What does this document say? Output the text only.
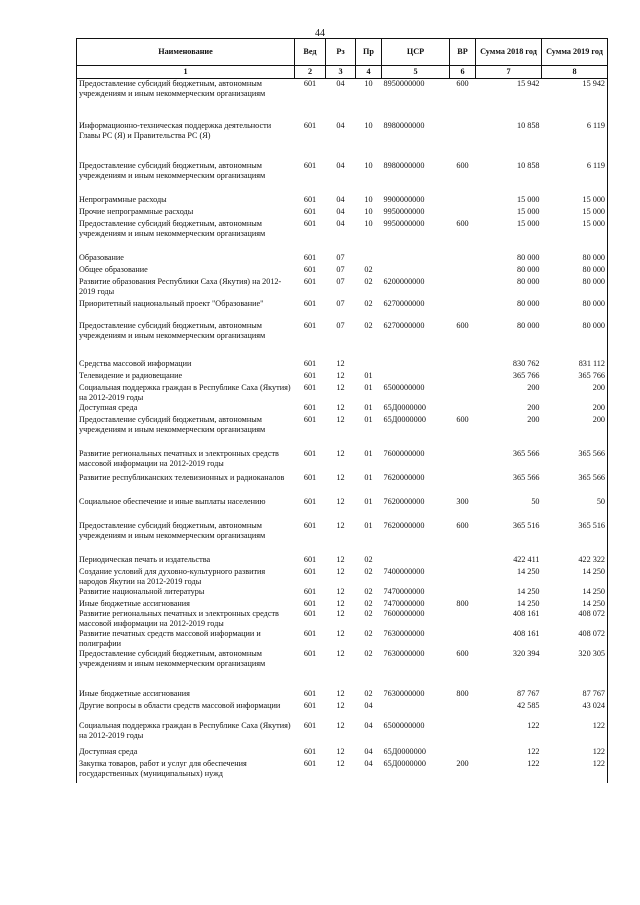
44
Наименование	Вед	Рз	Пр	ЦСР	ВР	Сумма 2018 год	Сумма 2019 год
1	2	3	4	5	6	7	8
Предоставление субсидий бюджетным, автономным учреждениям и иным некоммерческим организациям	601	04	10	8950000000	600	15 942	15 942
Информационно-техническая поддержка деятельности Главы РС (Я) и Правительства РС (Я)	601	04	10	8980000000		10 858	6 119
Предоставление субсидий бюджетным, автономным учреждениям и иным некоммерческим организациям	601	04	10	8980000000	600	10 858	6 119
Непрограммные расходы	601	04	10	9900000000		15 000	15 000
Прочие непрограммные расходы	601	04	10	9950000000		15 000	15 000
Предоставление субсидий бюджетным, автономным учреждениям и иным некоммерческим организациям	601	04	10	9950000000	600	15 000	15 000
Образование	601	07				80 000	80 000
Общее образование	601	07	02			80 000	80 000
Развитие образования Республики Саха (Якутия) на 2012-2019 годы	601	07	02	6200000000		80 000	80 000
Приоритетный национальный проект "Образование"	601	07	02	6270000000		80 000	80 000
Предоставление субсидий бюджетным, автономным учреждениям и иным некоммерческим организациям	601	07	02	6270000000	600	80 000	80 000
Средства массовой информации	601	12				830 762	831 112
Телевидение и радиовещание	601	12	01			365 766	365 766
Социальная поддержка граждан в Республике Саха (Якутия) на 2012-2019 годы	601	12	01	6500000000		200	200
Доступная среда	601	12	01	65Д0000000		200	200
Предоставление субсидий бюджетным, автономным учреждениям и иным некоммерческим организациям	601	12	01	65Д0000000	600	200	200
Развитие региональных печатных и электронных средств массовой информации на 2012-2019 годы	601	12	01	7600000000		365 566	365 566
Развитие республиканских телевизионных и радиоканалов	601	12	01	7620000000		365 566	365 566
Социальное обеспечение и иные выплаты населению	601	12	01	7620000000	300	50	50
Предоставление субсидий бюджетным, автономным учреждениям и иным некоммерческим организациям	601	12	01	7620000000	600	365 516	365 516
Периодическая печать и издательства	601	12	02			422 411	422 322
Создание условий для духовно-культурного развития народов Якутии на 2012-2019 годы	601	12	02	7400000000		14 250	14 250
Развитие национальной литературы	601	12	02	7470000000		14 250	14 250
Иные бюджетные ассигнования	601	12	02	7470000000	800	14 250	14 250
Развитие региональных печатных и электронных средств массовой информации на 2012-2019 годы	601	12	02	7600000000		408 161	408 072
Развитие печатных средств массовой информации и полиграфии	601	12	02	7630000000		408 161	408 072
Предоставление субсидий бюджетным, автономным учреждениям и иным некоммерческим организациям	601	12	02	7630000000	600	320 394	320 305
Иные бюджетные ассигнования	601	12	02	7630000000	800	87 767	87 767
Другие вопросы в области средств массовой информации	601	12	04			42 585	43 024
Социальная поддержка граждан в Республике Саха (Якутия) на 2012-2019 годы	601	12	04	6500000000		122	122
Доступная среда	601	12	04	65Д0000000		122	122
Закупка товаров, работ и услуг для обеспечения государственных (муниципальных) нужд	601	12	04	65Д0000000	200	122	122
